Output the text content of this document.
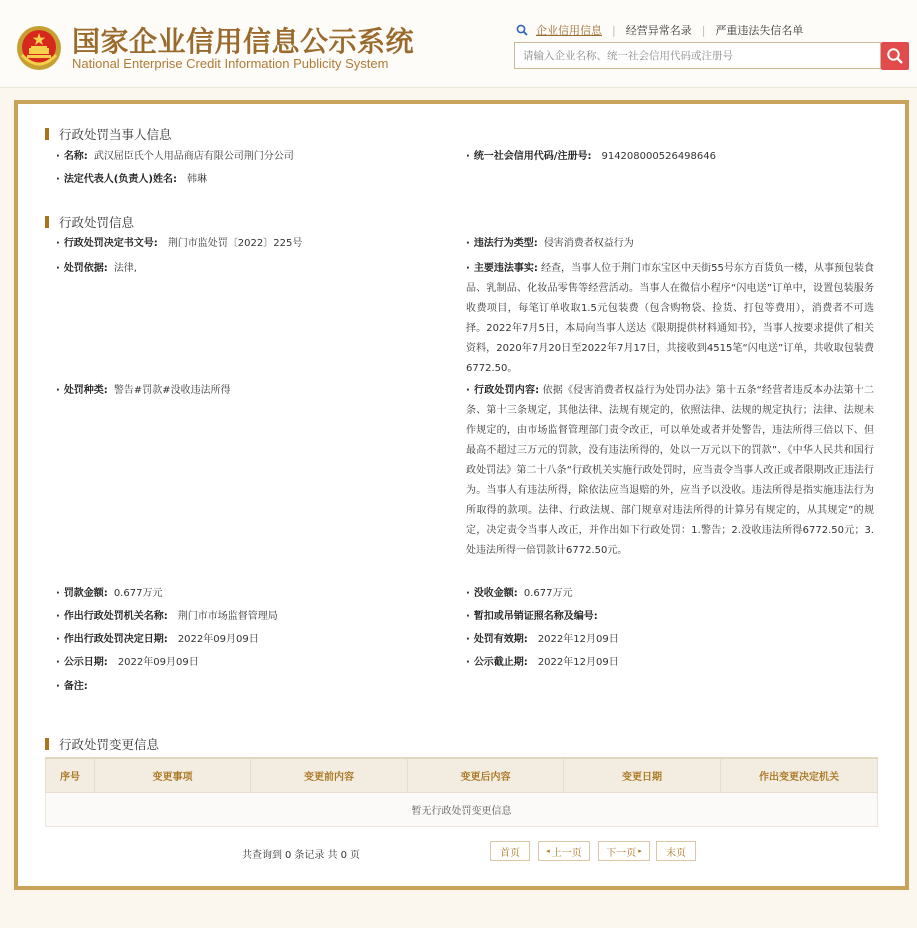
国家企业信用信息公示系统
National Enterprise Credit Information Publicity System
企业信用信息 | 经营异常名录 | 严重违法失信名单
请输入企业名称、统一社会信用代码或注册号
行政处罚当事人信息
· 名称: 武汉屈臣氏个人用品商店有限公司荆门分公司	· 统一社会信用代码/注册号: 914208000526498646
· 法定代表人(负责人)姓名: 韩琳
行政处罚信息
· 行政处罚决定书文号: 荆门市监处罚〔2022〕225号	· 违法行为类型: 侵害消费者权益行为
· 处罚依据: 法律,	· 主要违法事实: 经查，当事人位于荆门市东宝区中天街55号东方百货负一楼，从事预包装食品、乳制品、化妆品零售等经营活动。当事人在微信小程序“闪电送”订单中，设置包装服务收费项目，每笔订单收取1.5元包装费（包含购物袋、捡货、打包等费用），消费者不可选择。2022年7月5日，本局向当事人送达《限期提供材料通知书》，当事人按要求提供了相关资料，2020年7月20日至2022年7月17日，共接收到4515笔“闪电送”订单，共收取包装费6772.50。
· 处罚种类: 警告#罚款#没收违法所得	· 行政处罚内容: 依据《侵害消费者权益行为处罚办法》第十五条“经营者违反本办法第十二条、第十三条规定，其他法律、法规有规定的，依照法律、法规的规定执行；法律、法规未作规定的，由市场监督管理部门责令改正，可以单处或者并处警告，违法所得三倍以下、但最高不超过三万元的罚款，没有违法所得的，处以一万元以下的罚款”、《中华人民共和国行政处罚法》第二十八条“行政机关实施行政处罚时，应当责令当事人改正或者限期改正违法行为。当事人有违法所得，除依法应当退赔的外，应当予以没收。违法所得是指实施违法行为所取得的款项。法律、行政法规、部门规章对违法所得的计算另有规定的，从其规定”的规定，决定责令当事人改正，并作出如下行政处罚：1.警告；2.没收违法所得6772.50元；3.处违法所得一倍罚款计6772.50元。
· 罚款金额: 0.677万元	· 没收金额: 0.677万元
· 作出行政处罚机关名称: 荆门市市场监督管理局	· 暂扣或吊销证照名称及编号:
· 作出行政处罚决定日期: 2022年09月09日	· 处罚有效期: 2022年12月09日
· 公示日期: 2022年09月09日	· 公示截止期: 2022年12月09日
· 备注:
行政处罚变更信息
序号	变更事项	变更前内容	变更后内容	变更日期	作出变更决定机关
暂无行政处罚变更信息
共查询到 0 条记录 共 0 页	首页	◂ 上一页 下一页 ▸ 末页
